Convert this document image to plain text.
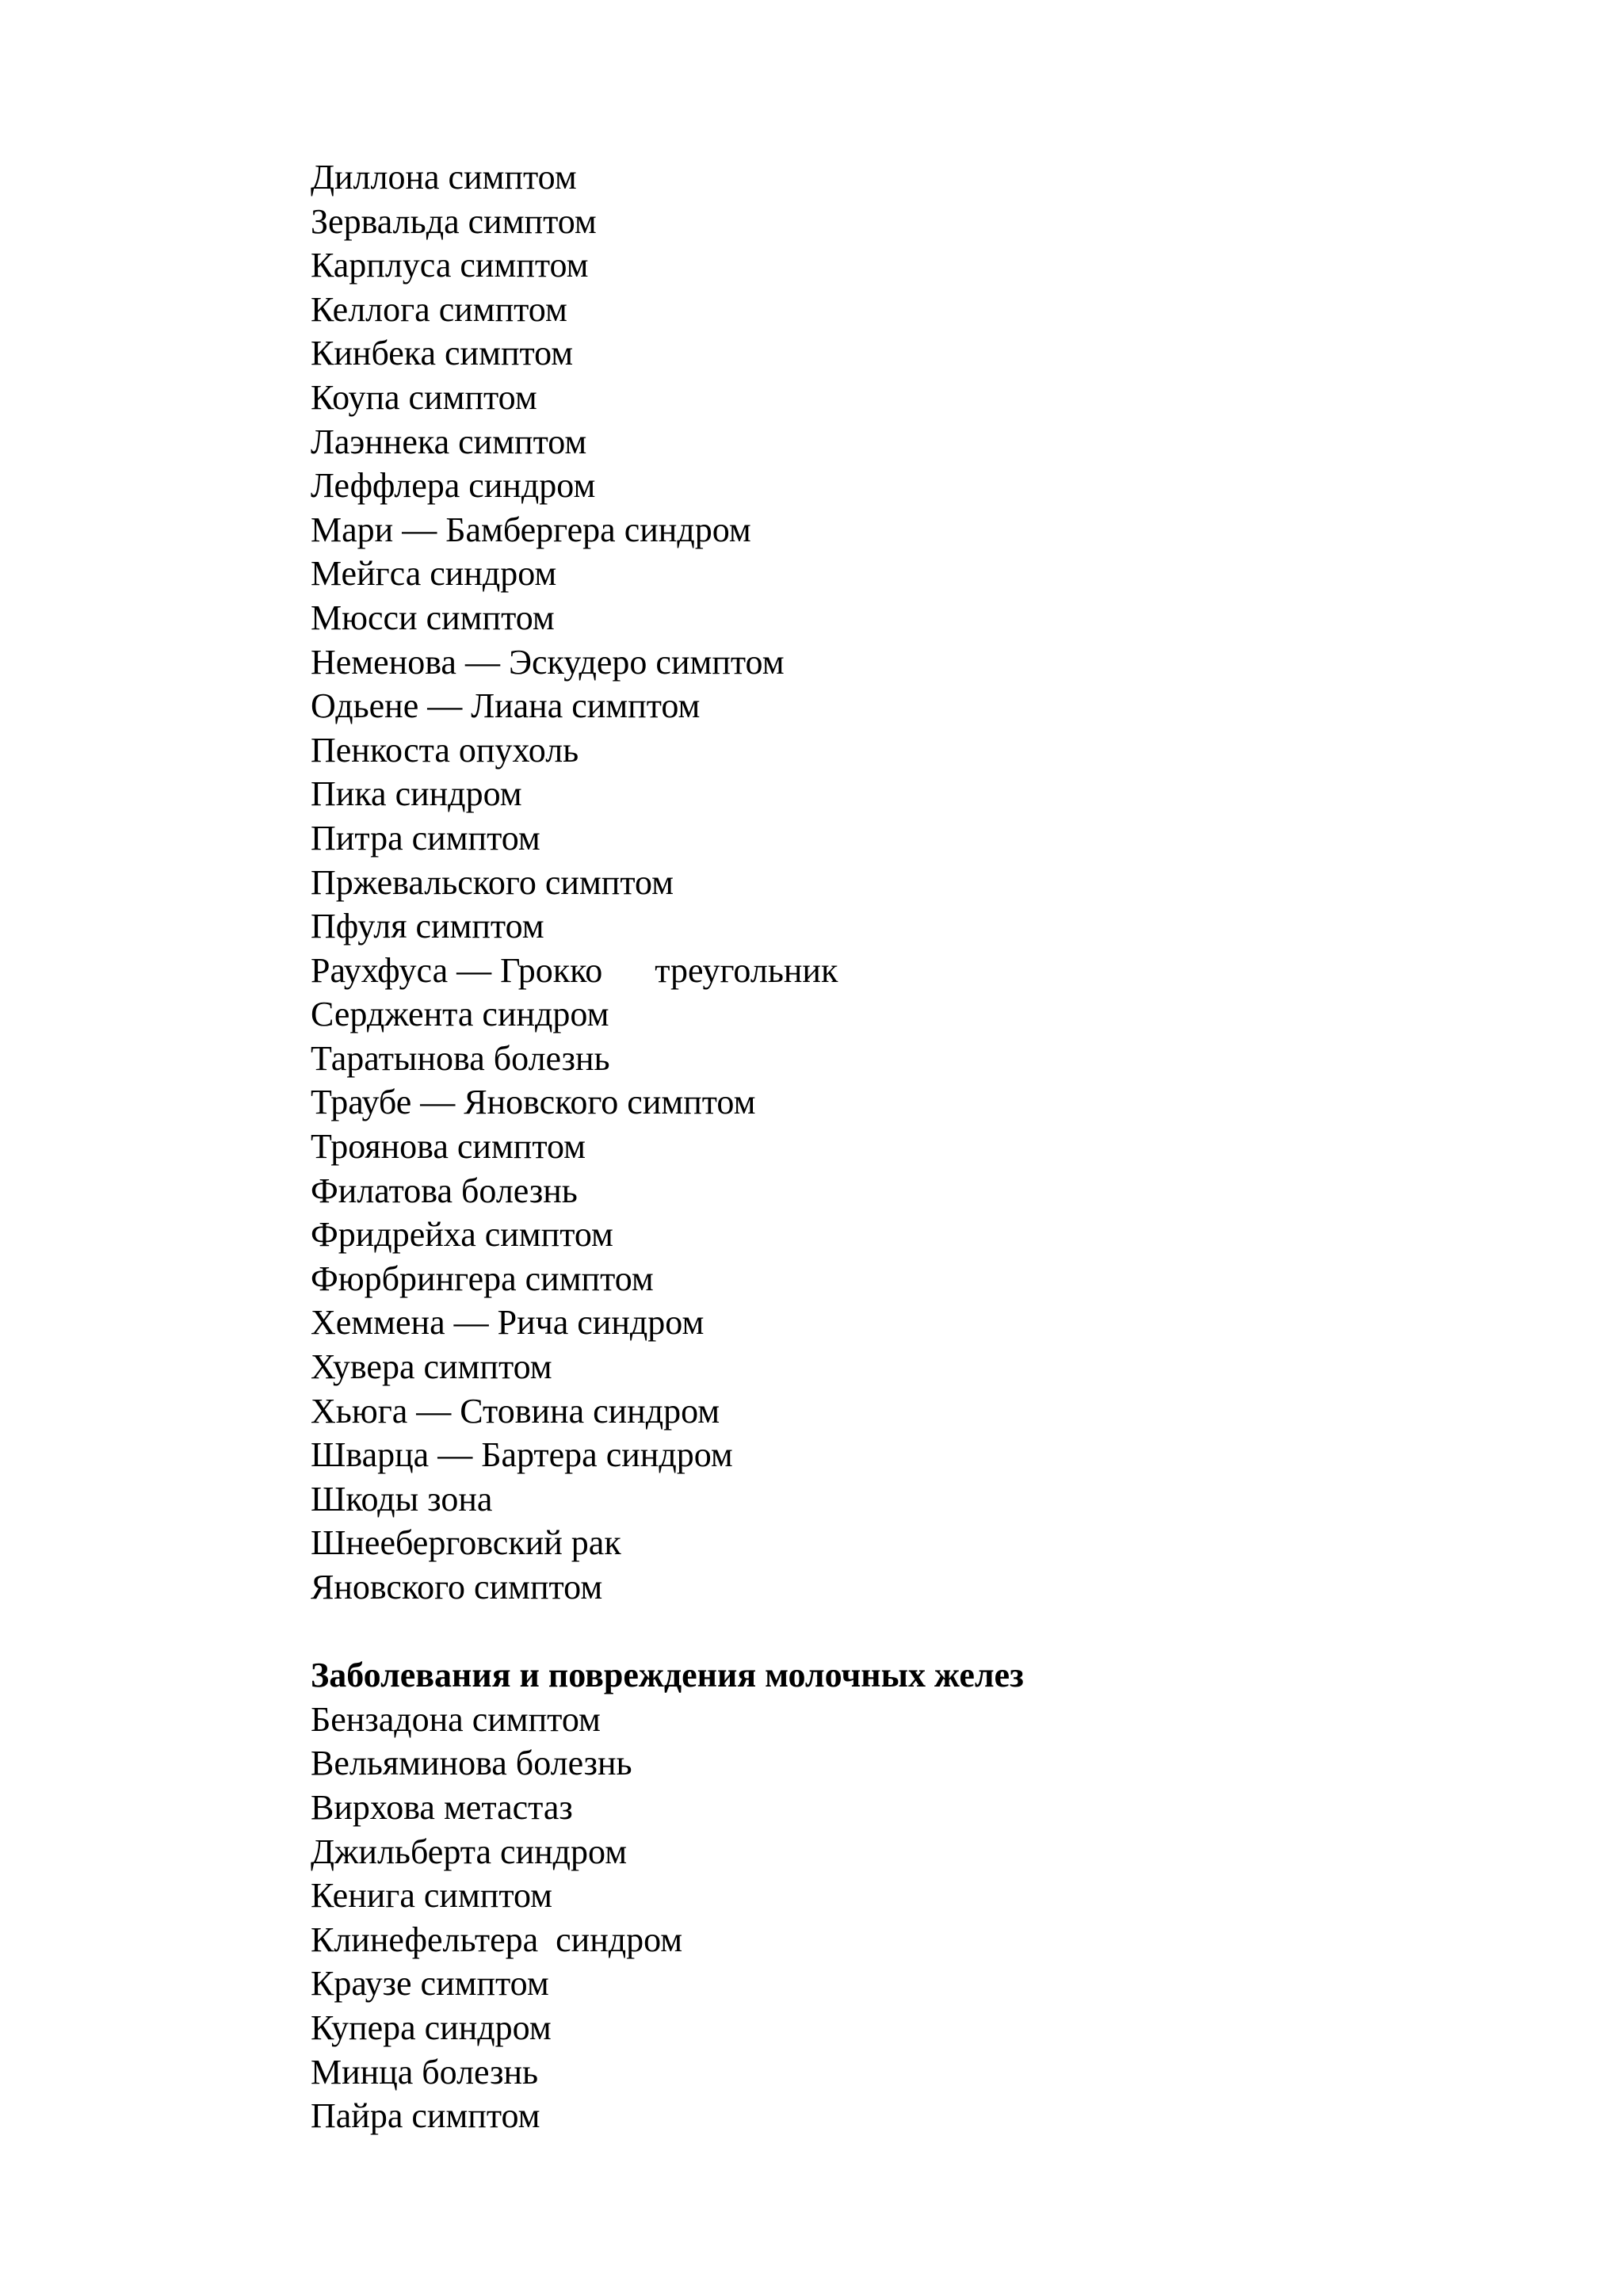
Диллона симптом
Зервальда симптом
Карплуса симптом
Келлога симптом
Кинбека симптом
Коупа симптом
Лаэннека симптом
Леффлера синдром
Мари — Бамбергера синдром
Мейгса синдром
Мюсси симптом
Неменова — Эскудеро симптом
Одьене — Лиана симптом
Пенкоста опухоль
Пика синдром
Питра симптом
Пржевальского симптом
Пфуля симптом
Раухфуса — Грокко      треугольник
Серджента синдром
Таратынова болезнь
Траубе — Яновского симптом
Троянова симптом
Филатова болезнь
Фридрейха симптом
Фюрбрингера симптом
Хеммена — Рича синдром
Хувера симптом
Хьюга — Стовина синдром
Шварца — Бартера синдром
Шкоды зона
Шнееберговский рак
Яновского симптом
Заболевания и повреждения молочных желез
Бензадона симптом
Вельяминова болезнь
Вирхова метастаз
Джильберта синдром
Кенига симптом
Клинефельтера  синдром
Краузе симптом
Купера синдром
Минца болезнь
Пайра симптом
